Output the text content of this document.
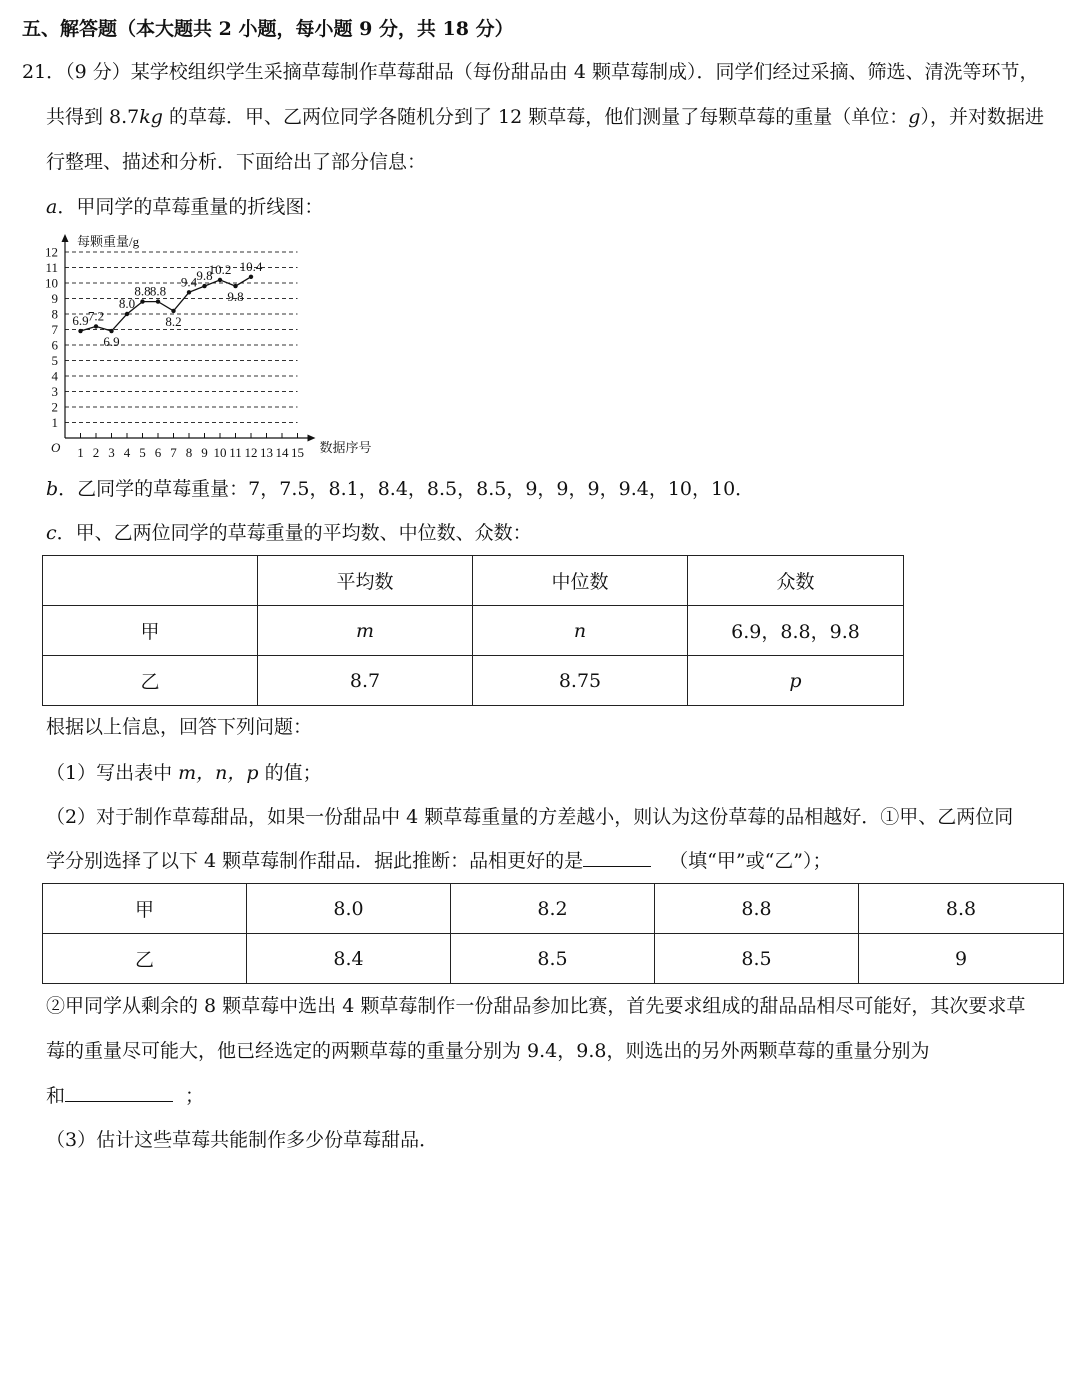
五、解答题（本大题共 2 小题，每小题 9 分，共 18 分）
21．（9 分）某学校组织学生采摘草莓制作草莓甜品（每份甜品由 4 颗草莓制成）．同学们经过采摘、筛选、清洗等环节，
共得到 8.7kg 的草莓．甲、乙两位同学各随机分到了 12 颗草莓，他们测量了每颗草莓的重量（单位：g），并对数据进
行整理、描述和分析．下面给出了部分信息：
a．甲同学的草莓重量的折线图：
1
2
3
4
5
6
7
8
9
10
11
12
1 2 3 4 5 6 7 8 9 10 11 12 13 14 15
每颗重量/g
数据序号
O
6.9 7.2
6.9
8.0
8.8 8.8
8.2
9.4 9.8
10.2
9.8
10.4
b．乙同学的草莓重量：7，7.5，8.1，8.4，8.5，8.5，9，9，9，9.4，10，10．
c．甲、乙两位同学的草莓重量的平均数、中位数、众数：
	平均数	中位数	众数
甲	m	n	6.9，8.8，9.8
乙	8.7	8.75	p
根据以上信息，回答下列问题：
（1）写出表中 m，n，p 的值；
（2）对于制作草莓甜品，如果一份甜品中 4 颗草莓重量的方差越小，则认为这份草莓的品相越好．①甲、乙两位同
学分别选择了以下 4 颗草莓制作甜品．据此推断：品相更好的是	（填“甲”或“乙”）；
甲	8.0	8.2	8.8	8.8
乙	8.4	8.5	8.5	9
②甲同学从剩余的 8 颗草莓中选出 4 颗草莓制作一份甜品参加比赛，首先要求组成的甜品品相尽可能好，其次要求草
莓的重量尽可能大，他已经选定的两颗草莓的重量分别为 9.4，9.8，则选出的另外两颗草莓的重量分别为
和	；
（3）估计这些草莓共能制作多少份草莓甜品．
